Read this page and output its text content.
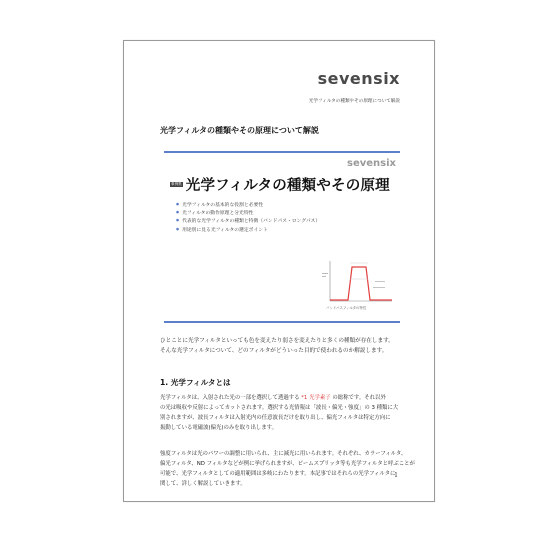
sevensix
光学フィルタの種類やその原理について解説
光学フィルタの種類やその原理について解説
sevensix
事例集 光学フィルタの種類やその原理
● 光学フィルタの基本的な役割と必要性
● 光フィルタの動作原理と分光特性
● 代表的な光学フィルタの種類と特徴（バンドパス・ロングパス）
● 用途別に見る光フィルタの選定ポイント
バンドパスフィルタの特性

ひとことに光学フィルタといっても色を変えたり弱さを変えたりと多くの種類が存在します。

そんな光学フィルタについて、どのフィルタがどういった目的で使われるのか解説します。

1. 光学フィルタとは

光学フィルタは、入射された光の一部を選択して透過する *1 光学素子 の総称です。それ以外

の光は吸収や反射によってカットされます。選択する光情報は「波長・偏光・強度」の 3 種類に大

別されますが、波長フィルタは入射光内の任意波長だけを取り出し、偏光フィルタは特定方向に

振動している電磁波(偏光)のみを取り出します。

強度フィルタは光のパワーの調整に用いられ、主に減光に用いられます。それぞれ、カラーフィルタ、

偏光フィルタ、ND フィルタなどが例に挙げられますが、ビームスプリッタ等も光学フィルタと呼ぶことが

可能で、光学フィルタとしての適用範囲は多岐にわたります。本記事ではそれらの光学フィルタに

関して、詳しく解説していきます。

1
